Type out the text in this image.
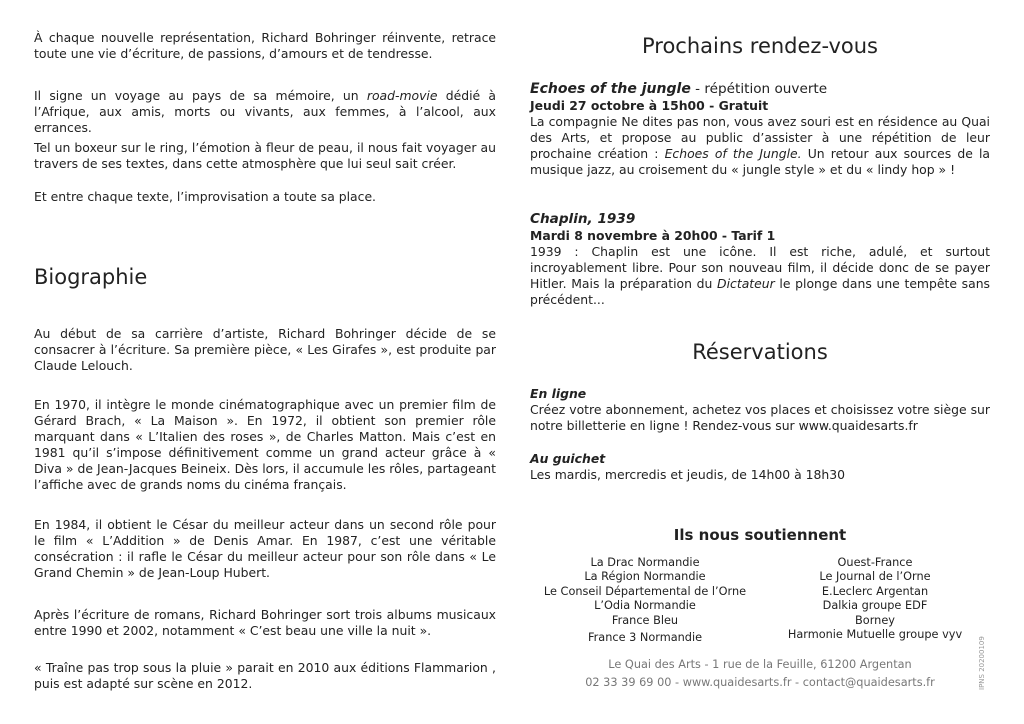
À chaque nouvelle représentation, Richard Bohringer réinvente, retrace toute une vie d’écriture, de passions, d’amours et de tendresse.

Il signe un voyage au pays de sa mémoire, un road-movie dédié à l’Afrique, aux amis, morts ou vivants, aux femmes, à l’alcool, aux errances.

Tel un boxeur sur le ring, l’émotion à fleur de peau, il nous fait voyager au travers de ses textes, dans cette atmosphère que lui seul sait créer.

Et entre chaque texte, l’improvisation a toute sa place.

Biographie

Au début de sa carrière d’artiste, Richard Bohringer décide de se consacrer à l’écriture. Sa première pièce, « Les Girafes », est produite par Claude Lelouch.

En 1970, il intègre le monde cinématographique avec un premier film de Gérard Brach, « La Maison ». En 1972, il obtient son premier rôle marquant dans « L’Italien des roses », de Charles Matton. Mais c’est en 1981 qu’il s’impose définitivement comme un grand acteur grâce à « Diva » de Jean-Jacques Beineix. Dès lors, il accumule les rôles, partageant l’affiche avec de grands noms du cinéma français.

En 1984, il obtient le César du meilleur acteur dans un second rôle pour le film « L’Addition » de Denis Amar. En 1987, c’est une véritable consécration : il rafle le César du meilleur acteur pour son rôle dans « Le Grand Chemin » de Jean-Loup Hubert.

Après l’écriture de romans, Richard Bohringer sort trois albums musicaux entre 1990 et 2002, notamment « C’est beau une ville la nuit ».

« Traîne pas trop sous la pluie » parait en 2010 aux éditions Flammarion , puis est adapté sur scène en 2012.

Prochains rendez-vous
Echoes of the jungle - répétition ouverte
Jeudi 27 octobre à 15h00 - Gratuit

La compagnie Ne dites pas non, vous avez souri est en résidence au Quai des Arts, et propose au public d’assister à une répétition de leur prochaine création : Echoes of the Jungle. Un retour aux sources de la musique jazz, au croisement du « jungle style » et du « lindy hop » !

Chaplin, 1939
Mardi 8 novembre à 20h00 - Tarif 1

1939 : Chaplin est une icône. Il est riche, adulé, et surtout incroyablement libre. Pour son nouveau film, il décide donc de se payer Hitler. Mais la préparation du Dictateur le plonge dans une tempête sans précédent...

Réservations
En ligne

Créez votre abonnement, achetez vos places et choisissez votre siège sur notre billetterie en ligne ! Rendez-vous sur www.quaidesarts.fr

Au guichet

Les mardis, mercredis et jeudis, de 14h00 à 18h30

Ils nous soutiennent
La Drac Normandie
La Région Normandie
Le Conseil Départemental de l’Orne
L’Odia Normandie
France Bleu
France 3 Normandie
Ouest-France
Le Journal de l’Orne
E.Leclerc Argentan
Dalkia groupe EDF
Borney
Harmonie Mutuelle groupe vyv
Le Quai des Arts - 1 rue de la Feuille, 61200 Argentan
02 33 39 69 00 - www.quaidesarts.fr - contact@quaidesarts.fr	IPNS 20200109
